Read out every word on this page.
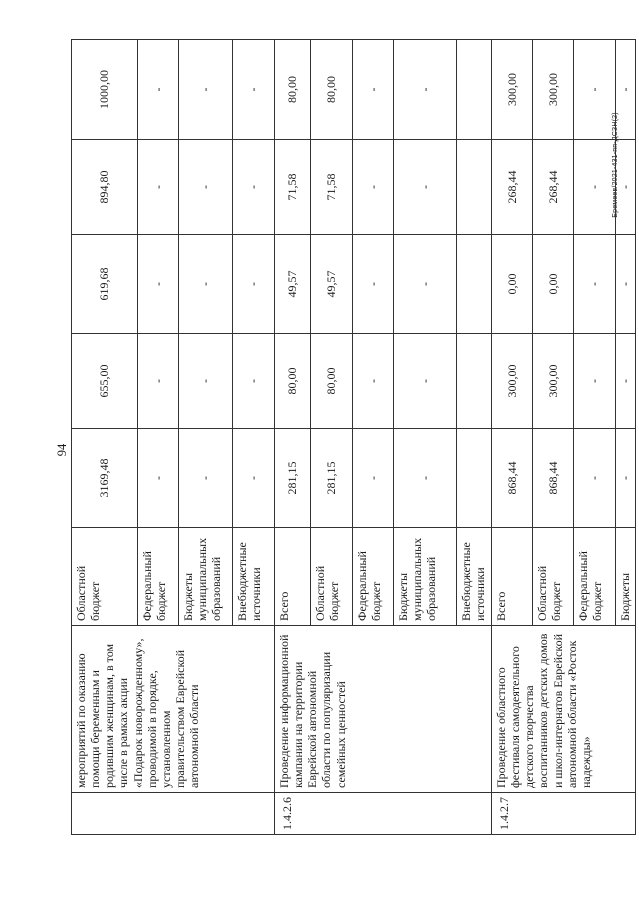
94
Еремеев/2021-431-пп-ДСЗН(2)
	мероприятий по оказанию помощи беременным и родившим женщинам, в том числе в рамках акции «Подарок новорожденному», проводимой в порядке, установленном правительством Еврейской автономной области	Областной бюджет	3169,48	655,00	619,68	894,80	1000,00
		Федеральный бюджет	-	-	-	-	-
		Бюджеты муниципальных образований	-	-	-	-	-
		Внебюджетные источники	-	-	-	-	-
1.4.2.6	Проведение информационной кампании на территории Еврейской автономной области по популяризации семейных ценностей	Всего	281,15	80,00	49,57	71,58	80,00
		Областной бюджет	281,15	80,00	49,57	71,58	80,00
		Федеральный бюджет	-	-	-	-	-
		Бюджеты муниципальных образований	-	-	-	-	-
		Внебюджетные источники					
1.4.2.7	Проведение областного фестиваля самодеятельного детского творчества воспитанников детских домов и школ-интернатов Еврейской автономной области «Росток надежды»	Всего	868,44	300,00	0,00	268,44	300,00
		Областной бюджет	868,44	300,00	0,00	268,44	300,00
		Федеральный бюджет	-	-	-	-	-
		Бюджеты	-	-	-	-	-
